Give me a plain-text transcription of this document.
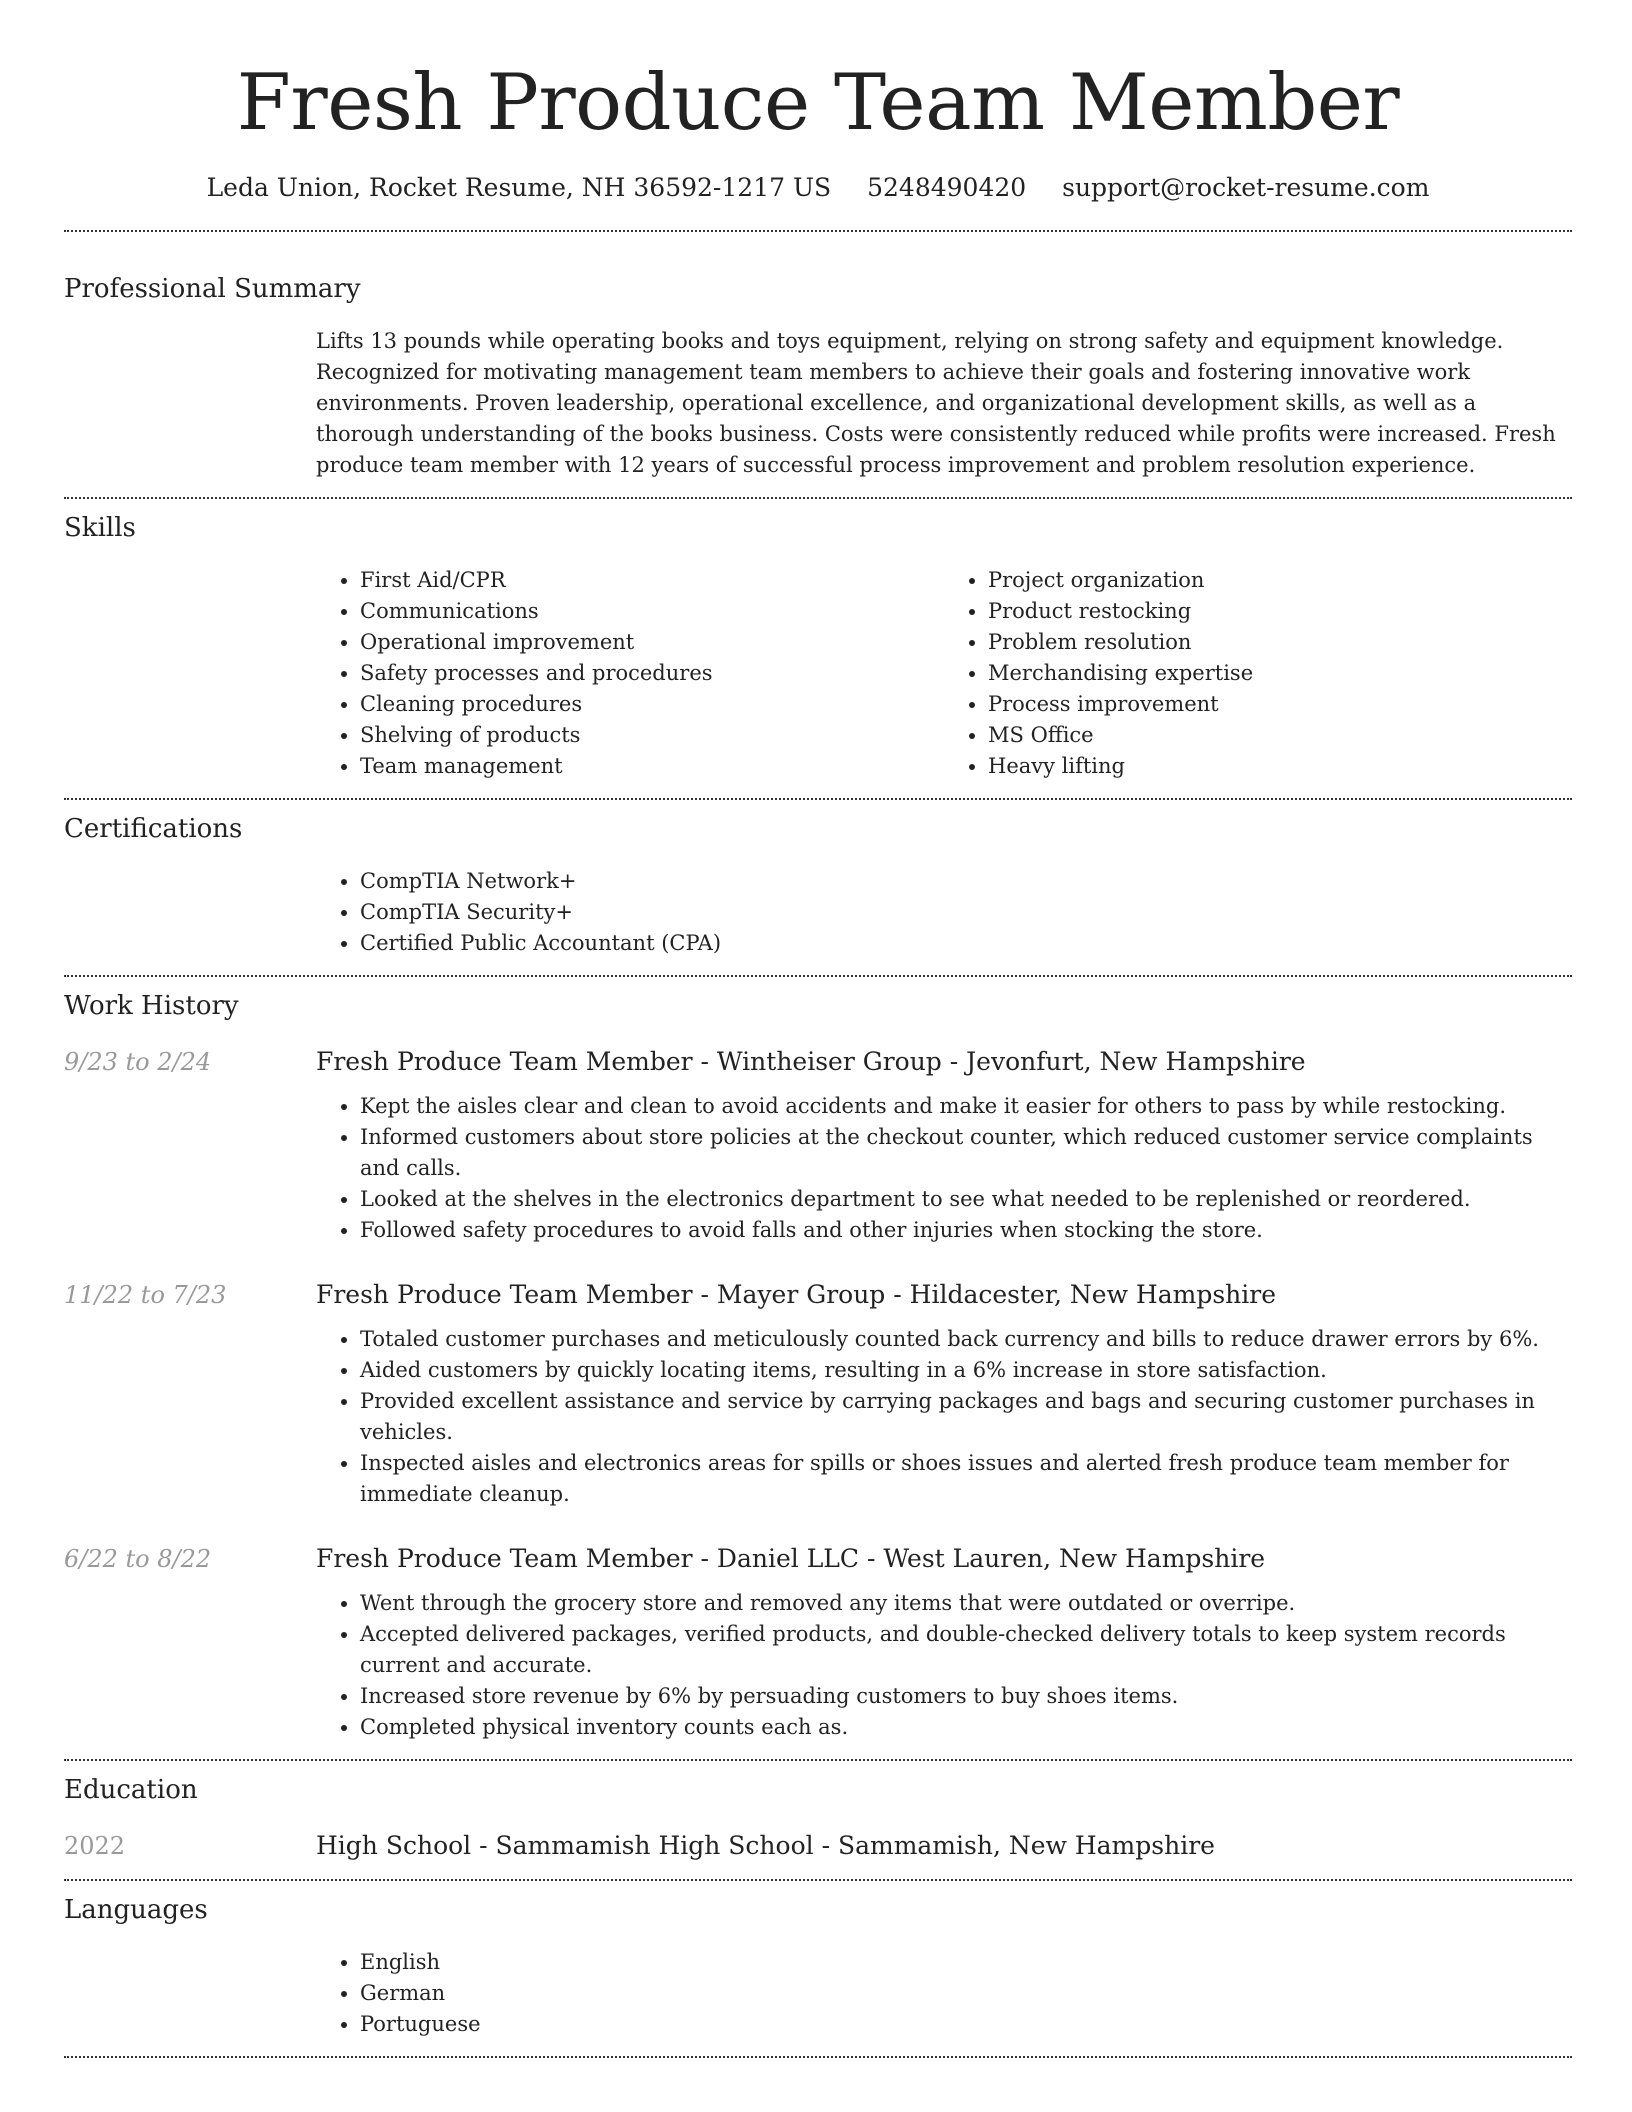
Fresh Produce Team Member
Leda Union, Rocket Resume, NH 36592-1217 US 5248490420 support@rocket-resume.com
Professional Summary
Lifts 13 pounds while operating books and toys equipment, relying on strong safety and equipment knowledge. Recognized for motivating management team members to achieve their goals and fostering innovative work environments. Proven leadership, operational excellence, and organizational development skills, as well as a thorough understanding of the books business. Costs were consistently reduced while profits were increased. Fresh produce team member with 12 years of successful process improvement and problem resolution experience.
Skills
• First Aid/CPR
• Communications
• Operational improvement
• Safety processes and procedures
• Cleaning procedures
• Shelving of products
• Team management
• Project organization
• Product restocking
• Problem resolution
• Merchandising expertise
• Process improvement
• MS Office
• Heavy lifting
Certifications
• CompTIA Network+
• CompTIA Security+
• Certified Public Accountant (CPA)
Work History
9/23 to 2/24	Fresh Produce Team Member - Wintheiser Group - Jevonfurt, New Hampshire
• Kept the aisles clear and clean to avoid accidents and make it easier for others to pass by while restocking.
• Informed customers about store policies at the checkout counter, which reduced customer service complaints and calls.
• Looked at the shelves in the electronics department to see what needed to be replenished or reordered.
• Followed safety procedures to avoid falls and other injuries when stocking the store.
11/22 to 7/23	Fresh Produce Team Member - Mayer Group - Hildacester, New Hampshire
• Totaled customer purchases and meticulously counted back currency and bills to reduce drawer errors by 6%.
• Aided customers by quickly locating items, resulting in a 6% increase in store satisfaction.
• Provided excellent assistance and service by carrying packages and bags and securing customer purchases in vehicles.
• Inspected aisles and electronics areas for spills or shoes issues and alerted fresh produce team member for immediate cleanup.
6/22 to 8/22	Fresh Produce Team Member - Daniel LLC - West Lauren, New Hampshire
• Went through the grocery store and removed any items that were outdated or overripe.
• Accepted delivered packages, verified products, and double-checked delivery totals to keep system records current and accurate.
• Increased store revenue by 6% by persuading customers to buy shoes items.
• Completed physical inventory counts each as.
Education
2022	High School - Sammamish High School - Sammamish, New Hampshire
Languages
• English
• German
• Portuguese
